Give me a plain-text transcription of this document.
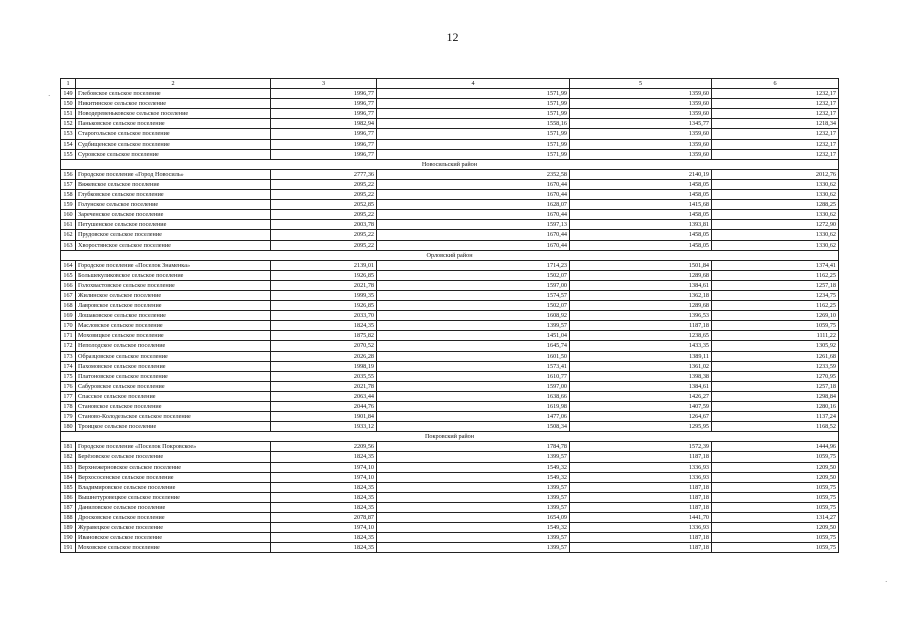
12
1	2	3	4	5	6
149	Глебовское сельское поселение	1996,77	1571,99	1359,60	1232,17
150	Никитинское сельское поселение	1996,77	1571,99	1359,60	1232,17
151	Новодеревеньковское сельское поселение	1996,77	1571,99	1359,60	1232,17
152	Паньковское сельское поселение	1982,94	1558,16	1345,77	1218,34
153	Старогольское сельское поселение	1996,77	1571,99	1359,60	1232,17
154	Судбищенское сельское поселение	1996,77	1571,99	1359,60	1232,17
155	Суровское сельское поселение	1996,77	1571,99	1359,60	1232,17
Новосильский район					
156	Городское поселение «Город Новосиль»	2777,36	2352,58	2140,19	2012,76
157	Вяжевское сельское поселение	2095,22	1670,44	1458,05	1330,62
158	Глубковское сельское поселение	2095,22	1670,44	1458,05	1330,62
159	Голунское сельское поселение	2052,85	1628,07	1415,68	1288,25
160	Зареченское сельское поселение	2095,22	1670,44	1458,05	1330,62
161	Петушенское сельское поселение	2003,78	1597,13	1393,81	1272,90
162	Прудовское сельское поселение	2095,22	1670,44	1458,05	1330,62
163	Хворостянское сельское поселение	2095,22	1670,44	1458,05	1330,62
Орловский район					
164	Городское поселение «Поселок Знаменка»	2139,01	1714,23	1501,84	1374,41
165	Большекуликовское сельское поселение	1926,85	1502,07	1289,68	1162,25
166	Голохвастовское сельское поселение	2021,78	1597,00	1384,61	1257,18
167	Жилинское сельское поселение	1999,35	1574,57	1362,18	1234,75
168	Лавровское сельское поселение	1926,85	1502,07	1289,68	1162,25
169	Лошаковское сельское поселение	2033,70	1608,92	1396,53	1269,10
170	Масловское сельское поселение	1824,35	1399,57	1187,18	1059,75
171	Моховицкое сельское поселение	1875,82	1451,04	1238,65	1111,22
172	Неполодское сельское поселение	2070,52	1645,74	1433,35	1305,92
173	Образцовское сельское поселение	2026,28	1601,50	1389,11	1261,68
174	Пахомовское сельское поселение	1998,19	1573,41	1361,02	1233,59
175	Платоновское сельское поселение	2035,55	1610,77	1398,38	1270,95
176	Сабуровское сельское поселение	2021,78	1597,00	1384,61	1257,18
177	Спасское сельское поселение	2063,44	1638,66	1426,27	1298,84
178	Становское сельское поселение	2044,76	1619,98	1407,59	1280,16
179	Станово-Колодезьское сельское поселение	1901,84	1477,06	1264,67	1137,24
180	Троицкое сельское поселение	1933,12	1508,34	1295,95	1168,52
Покровский район					
181	Городское поселение «Поселок Покровское»	2209,56	1784,78	1572,39	1444,96
182	Берёзовское сельское поселение	1824,35	1399,57	1187,18	1059,75
183	Верхнежерновское сельское поселение	1974,10	1549,32	1336,93	1209,50
184	Верхососенское сельское поселение	1974,10	1549,32	1336,93	1209,50
185	Владимировское сельское поселение	1824,35	1399,57	1187,18	1059,75
186	Вышнетуровецкое сельское поселение	1824,35	1399,57	1187,18	1059,75
187	Даниловское сельское поселение	1824,35	1399,57	1187,18	1059,75
188	Дросковское сельское поселение	2078,87	1654,09	1441,70	1314,27
189	Журавецкое сельское поселение	1974,10	1549,32	1336,93	1209,50
190	Ивановское сельское поселение	1824,35	1399,57	1187,18	1059,75
191	Моховское сельское поселение	1824,35	1399,57	1187,18	1059,75
·
·
